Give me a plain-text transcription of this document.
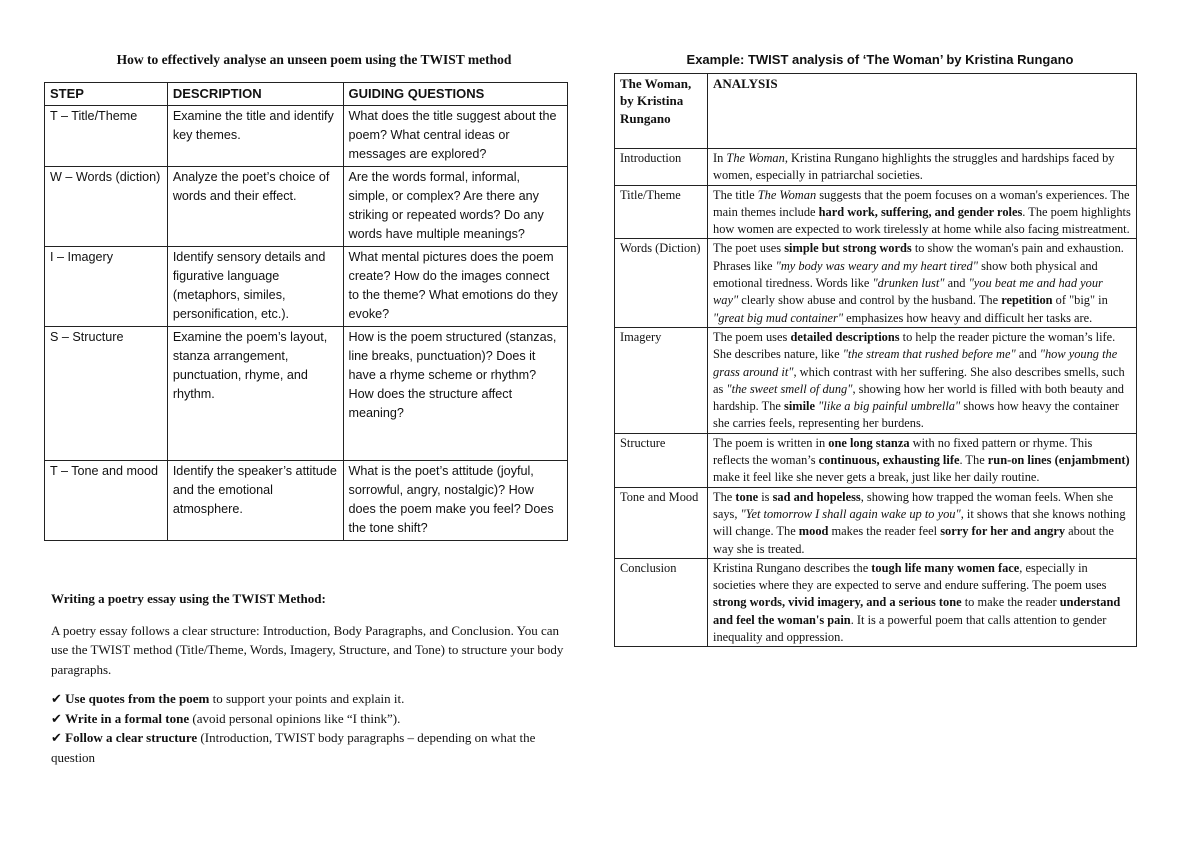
How to effectively analyse an unseen poem using the TWIST method
STEP	DESCRIPTION	GUIDING QUESTIONS
T – Title/Theme	Examine the title and identify key themes.	What does the title suggest about the poem? What central ideas or messages are explored?
W – Words (diction)	Analyze the poet’s choice of words and their effect.	Are the words formal, informal, simple, or complex? Are there any striking or repeated words? Do any words have multiple meanings?
I – Imagery	Identify sensory details and figurative language (metaphors, similes, personification, etc.).	What mental pictures does the poem create? How do the images connect to the theme? What emotions do they evoke?
S – Structure	Examine the poem’s layout, stanza arrangement, punctuation, rhyme, and rhythm.	How is the poem structured (stanzas, line breaks, punctuation)? Does it have a rhyme scheme or rhythm? How does the structure affect meaning?
T – Tone and mood	Identify the speaker’s attitude and the emotional atmosphere.	What is the poet’s attitude (joyful, sorrowful, angry, nostalgic)? How does the poem make you feel? Does the tone shift?
Writing a poetry essay using the TWIST Method:

A poetry essay follows a clear structure: Introduction, Body Paragraphs, and Conclusion. You can use the TWIST method (Title/Theme, Words, Imagery, Structure, and Tone) to structure your body paragraphs.

✔ Use quotes from the poem to support your points and explain it.
✔ Write in a formal tone (avoid personal opinions like “I think”).
✔ Follow a clear structure (Introduction, TWIST body paragraphs – depending on what the question
Example: TWIST analysis of ‘The Woman’ by Kristina Rungano
The Woman, by Kristina Rungano	ANALYSIS
Introduction	In The Woman, Kristina Rungano highlights the struggles and hardships faced by women, especially in patriarchal societies.
Title/Theme	The title The Woman suggests that the poem focuses on a woman's experiences. The main themes include hard work, suffering, and gender roles. The poem highlights how women are expected to work tirelessly at home while also facing mistreatment.
Words (Diction)	The poet uses simple but strong words to show the woman's pain and exhaustion. Phrases like "my body was weary and my heart tired" show both physical and emotional tiredness. Words like "drunken lust" and "you beat me and had your way" clearly show abuse and control by the husband. The repetition of "big" in "great big mud container" emphasizes how heavy and difficult her tasks are.
Imagery	The poem uses detailed descriptions to help the reader picture the woman’s life. She describes nature, like "the stream that rushed before me" and "how young the grass around it", which contrast with her suffering. She also describes smells, such as "the sweet smell of dung", showing how her world is filled with both beauty and hardship. The simile "like a big painful umbrella" shows how heavy the container she carries feels, representing her burdens.
Structure	The poem is written in one long stanza with no fixed pattern or rhyme. This reflects the woman’s continuous, exhausting life. The run-on lines (enjambment) make it feel like she never gets a break, just like her daily routine.
Tone and Mood	The tone is sad and hopeless, showing how trapped the woman feels. When she says, "Yet tomorrow I shall again wake up to you", it shows that she knows nothing will change. The mood makes the reader feel sorry for her and angry about the way she is treated.
Conclusion	Kristina Rungano describes the tough life many women face, especially in societies where they are expected to serve and endure suffering. The poem uses strong words, vivid imagery, and a serious tone to make the reader understand and feel the woman's pain. It is a powerful poem that calls attention to gender inequality and oppression.
